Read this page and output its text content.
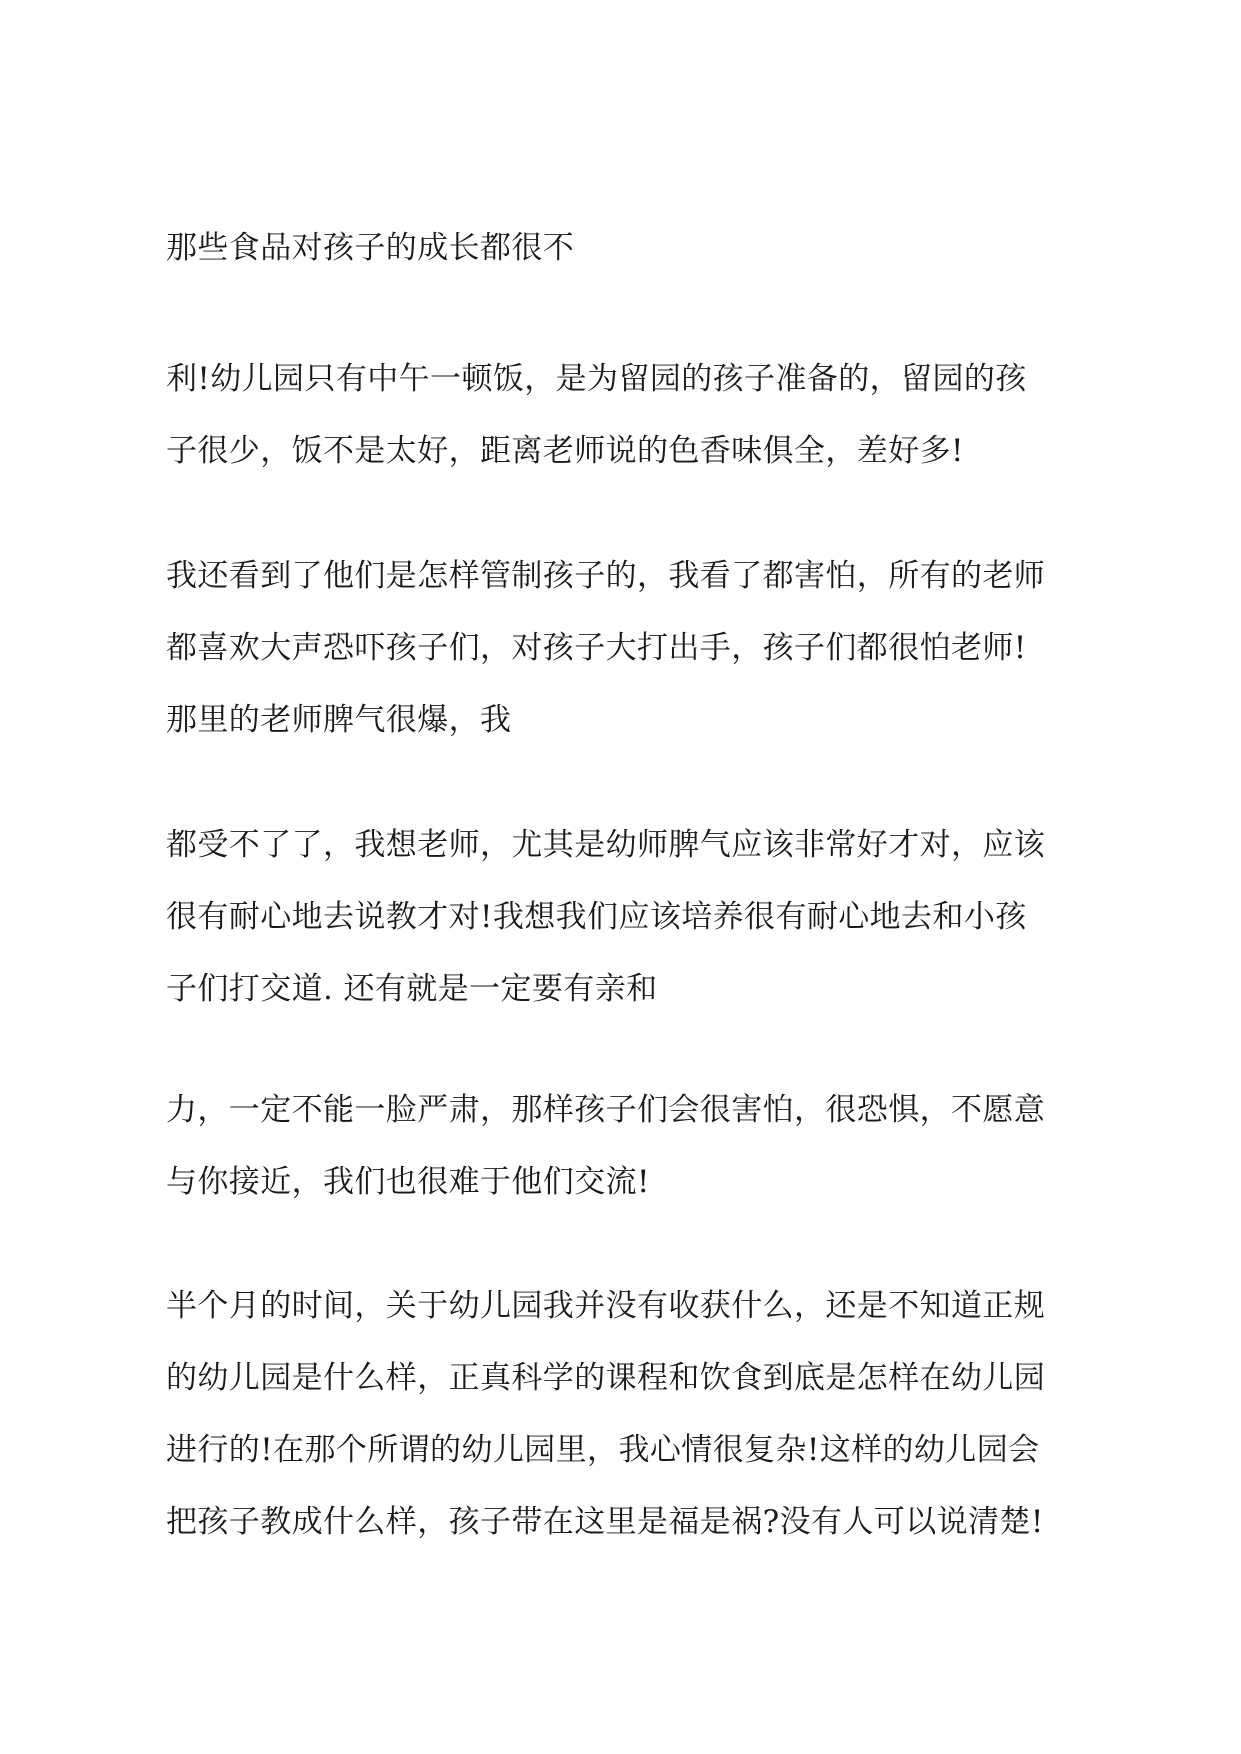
那些食品对孩子的成长都很不
利!幼儿园只有中午一顿饭，是为留园的孩子准备的，留园的孩
子很少，饭不是太好，距离老师说的色香味俱全，差好多!
我还看到了他们是怎样管制孩子的，我看了都害怕，所有的老师
都喜欢大声恐吓孩子们，对孩子大打出手，孩子们都很怕老师!
那里的老师脾气很爆，我
都受不了了，我想老师，尤其是幼师脾气应该非常好才对，应该
很有耐心地去说教才对!我想我们应该培养很有耐心地去和小孩
子们打交道. 还有就是一定要有亲和
力，一定不能一脸严肃，那样孩子们会很害怕，很恐惧，不愿意
与你接近，我们也很难于他们交流!
半个月的时间，关于幼儿园我并没有收获什么，还是不知道正规
的幼儿园是什么样，正真科学的课程和饮食到底是怎样在幼儿园
进行的!在那个所谓的幼儿园里，我心情很复杂!这样的幼儿园会
把孩子教成什么样，孩子带在这里是福是祸?没有人可以说清楚!
